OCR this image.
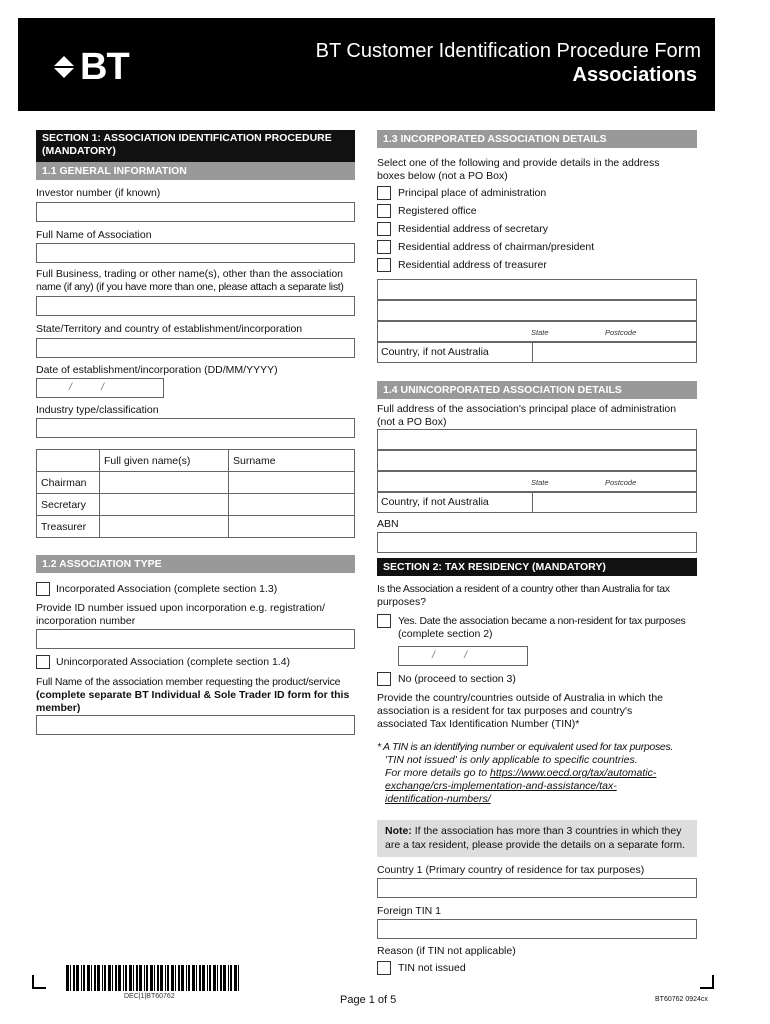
BT	BT Customer Identification Procedure Form
Associations
SECTION 1: ASSOCIATION IDENTIFICATION PROCEDURE
(MANDATORY)
1.1 GENERAL INFORMATION
Investor number (if known)
Full Name of Association
Full Business, trading or other name(s), other than the association
name (if any) (if you have more than one, please attach a separate list)
State/Territory and country of establishment/incorporation
Date of establishment/incorporation (DD/MM/YYYY)
/          /
Industry type/classification
	Full given name(s)	Surname
Chairman		
Secretary		
Treasurer		
1.2 ASSOCIATION TYPE
Incorporated Association (complete section 1.3)
Provide ID number issued upon incorporation e.g. registration/
incorporation number
Unincorporated Association (complete section 1.4)
Full Name of the association member requesting the product/service
(complete separate BT Individual & Sole Trader ID form for this
member)
1.3 INCORPORATED ASSOCIATION DETAILS
Select one of the following and provide details in the address
boxes below (not a PO Box)
Principal place of administration
Registered office
Residential address of secretary
Residential address of chairman/president
Residential address of treasurer
State	Postcode
Country, if not Australia
1.4 UNINCORPORATED ASSOCIATION DETAILS
Full address of the association's principal place of administration
(not a PO Box)
State	Postcode
Country, if not Australia
ABN
SECTION 2: TAX RESIDENCY (MANDATORY)
Is the Association a resident of a country other than Australia for tax
purposes?
Yes. Date the association became a non-resident for tax purposes
(complete section 2)
/          /
No (proceed to section 3)
Provide the country/countries outside of Australia in which the
association is a resident for tax purposes and country's
associated Tax Identification Number (TIN)*
* A TIN is an identifying number or equivalent used for tax purposes.
'TIN not issued' is only applicable to specific countries.
For more details go to https://www.oecd.org/tax/automatic-
exchange/crs-implementation-and-assistance/tax-
identification-numbers/
Note: If the association has more than 3 countries in which they
are a tax resident, please provide the details on a separate form.
Country 1 (Primary country of residence for tax purposes)
Foreign TIN 1
Reason (if TIN not applicable)
TIN not issued
DEC|1|BT60762	Page 1 of 5	BT60762 0924cx
